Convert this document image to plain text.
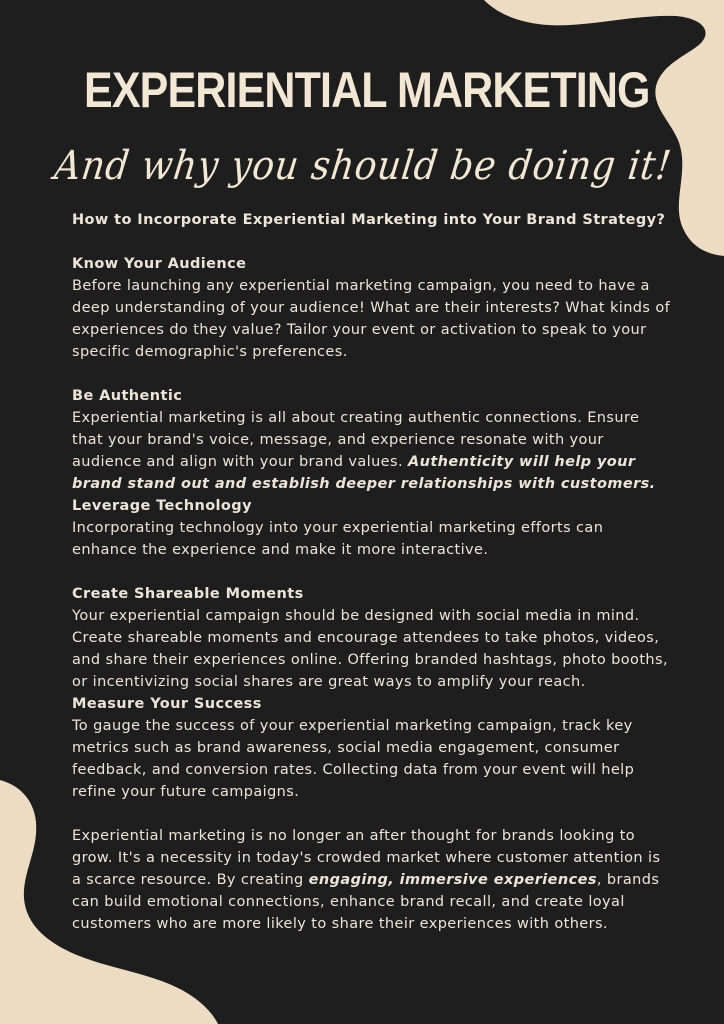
EXPERIENTIAL MARKETING
And why you should be doing it!

How to Incorporate Experiential Marketing into Your Brand Strategy?

Know Your Audience

Before launching any experiential marketing campaign, you need to have a deep understanding of your audience! What are their interests? What kinds of experiences do they value? Tailor your event or activation to speak to your specific demographic's preferences.

Be Authentic

Experiential marketing is all about creating authentic connections. Ensure that your brand's voice, message, and experience resonate with your audience and align with your brand values. Authenticity will help your brand stand out and establish deeper relationships with customers.

Leverage Technology

Incorporating technology into your experiential marketing efforts can enhance the experience and make it more interactive.

Create Shareable Moments

Your experiential campaign should be designed with social media in mind. Create shareable moments and encourage attendees to take photos, videos, and share their experiences online. Offering branded hashtags, photo booths, or incentivizing social shares are great ways to amplify your reach.

Measure Your Success

To gauge the success of your experiential marketing campaign, track key metrics such as brand awareness, social media engagement, consumer feedback, and conversion rates. Collecting data from your event will help refine your future campaigns.

Experiential marketing is no longer an after thought for brands looking to grow. It's a necessity in today's crowded market where customer attention is a scarce resource. By creating engaging, immersive experiences, brands can build emotional connections, enhance brand recall, and create loyal customers who are more likely to share their experiences with others.
